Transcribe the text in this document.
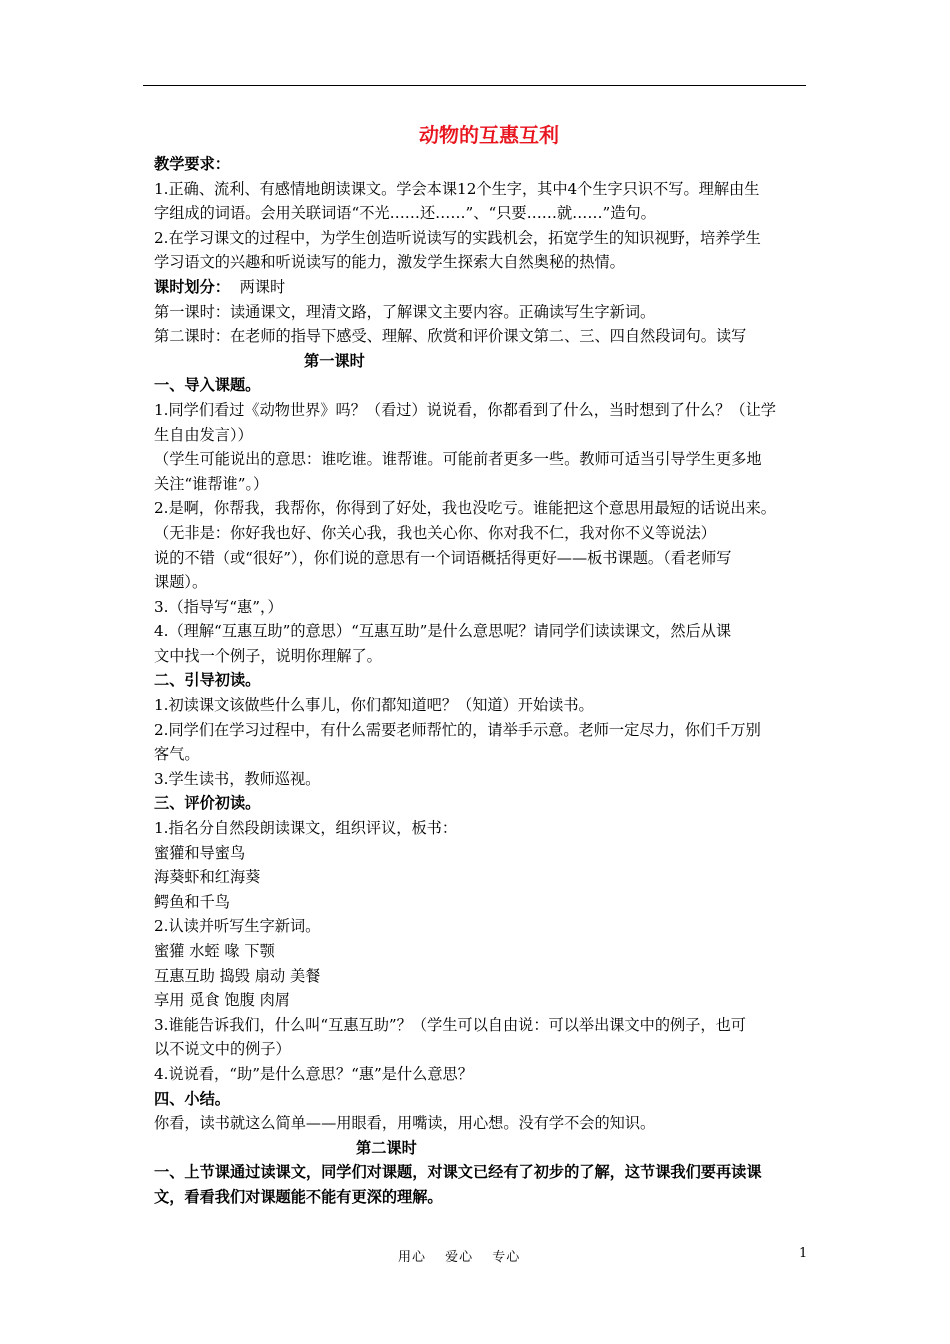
动物的互惠互利
教学要求：
1.正确、流利、有感情地朗读课文。学会本课12个生字，其中4个生字只识不写。理解由生
字组成的词语。会用关联词语“不光……还……”、“只要……就……”造句。
2.在学习课文的过程中，为学生创造听说读写的实践机会，拓宽学生的知识视野，培养学生
学习语文的兴趣和听说读写的能力，激发学生探索大自然奥秘的热情。
课时划分：  两课时
第一课时：读通课文，理清文路，了解课文主要内容。正确读写生字新词。
第二课时：在老师的指导下感受、理解、欣赏和评价课文第二、三、四自然段词句。读写
第一课时
一、导入课题。
1.同学们看过《动物世界》吗？（看过）说说看，你都看到了什么，当时想到了什么？（让学
生自由发言））
（学生可能说出的意思：谁吃谁。谁帮谁。可能前者更多一些。教师可适当引导学生更多地
关注“谁帮谁”。）
2.是啊，你帮我，我帮你，你得到了好处，我也没吃亏。谁能把这个意思用最短的话说出来。
（无非是：你好我也好、你关心我，我也关心你、你对我不仁，我对你不义等说法）
说的不错（或“很好”），你们说的意思有一个词语概括得更好——板书课题。（看老师写
课题）。
3.（指导写“惠”，）
4.（理解“互惠互助”的意思）“互惠互助”是什么意思呢？请同学们读读课文，然后从课
文中找一个例子，说明你理解了。
二、引导初读。
1.初读课文该做些什么事儿，你们都知道吧？（知道）开始读书。
2.同学们在学习过程中，有什么需要老师帮忙的，请举手示意。老师一定尽力，你们千万别
客气。
3.学生读书，教师巡视。
三、评价初读。
1.指名分自然段朗读课文，组织评议，板书：
蜜獾和导蜜鸟
海葵虾和红海葵
鳄鱼和千鸟
2.认读并听写生字新词。
蜜獾 水蛭 喙 下颚
互惠互助 捣毁 扇动 美餐
享用 觅食 饱腹 肉屑
3.谁能告诉我们，什么叫“互惠互助”？（学生可以自由说：可以举出课文中的例子，也可
以不说文中的例子）
4.说说看，“助”是什么意思？“惠”是什么意思？
四、小结。
你看，读书就这么简单——用眼看，用嘴读，用心想。没有学不会的知识。
第二课时
一、上节课通过读课文，同学们对课题，对课文已经有了初步的了解，这节课我们要再读课
文，看看我们对课题能不能有更深的理解。
用心 爱心 专心	1
